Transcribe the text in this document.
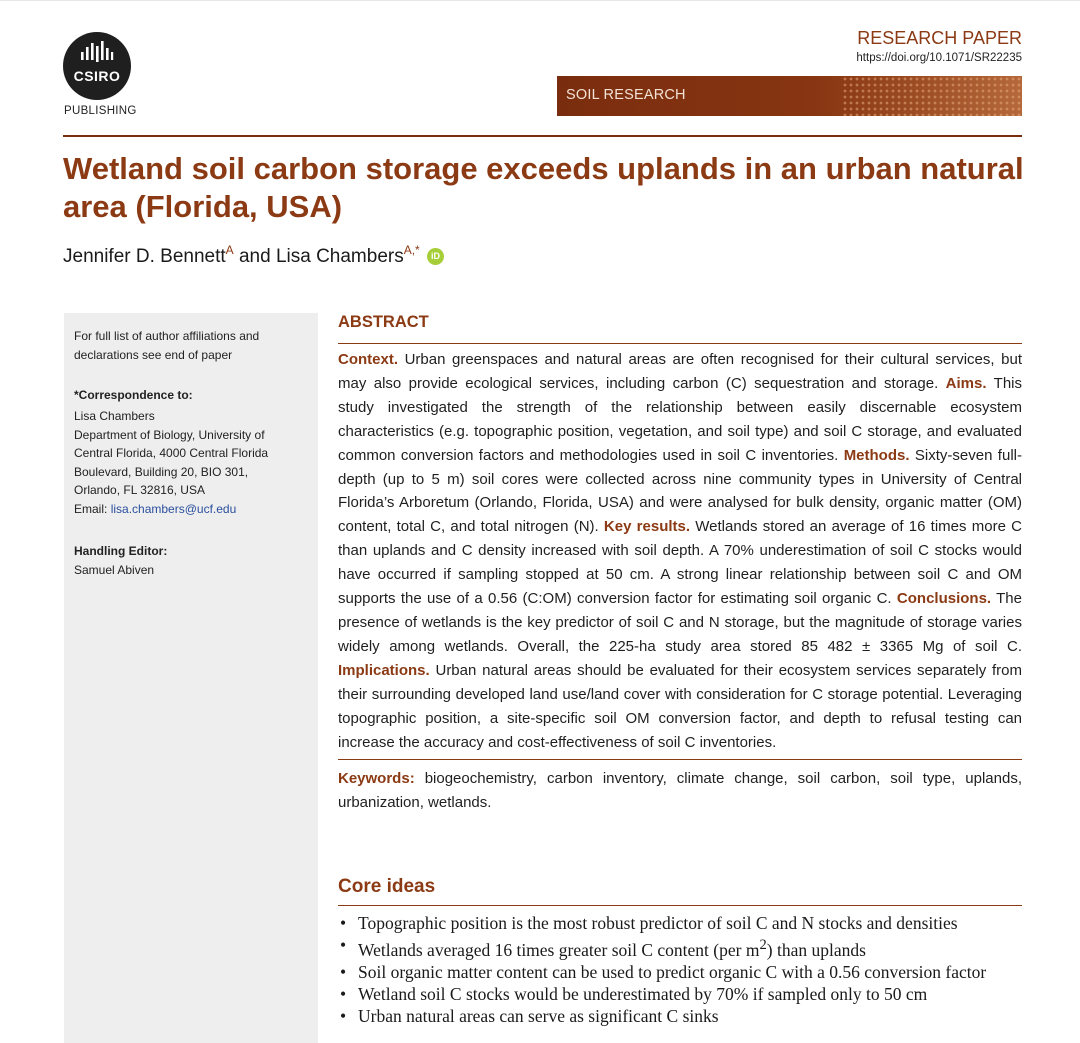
CSIRO
PUBLISHING
RESEARCH PAPER
https://doi.org/10.1071/SR22235
SOIL RESEARCH
Wetland soil carbon storage exceeds uplands in an urban natural area (Florida, USA)
Jennifer D. Bennett$^A$ and Lisa Chambers$^{A,*}$ iD
For full list of author affiliations and declarations see end of paper
*Correspondence to:
Lisa Chambers
Department of Biology, University of
Central Florida, 4000 Central Florida
Boulevard, Building 20, BIO 301,
Orlando, FL 32816, USA
Email: lisa.chambers@ucf.edu
Handling Editor:
Samuel Abiven
ABSTRACT
Context. Urban greenspaces and natural areas are often recognised for their cultural services, but may also provide ecological services, including carbon (C) sequestration and storage. Aims. This study investigated the strength of the relationship between easily discernable ecosystem characteristics (e.g. topographic position, vegetation, and soil type) and soil C storage, and evaluated common conversion factors and methodologies used in soil C inventories. Methods. Sixty-seven full-depth (up to 5 m) soil cores were collected across nine community types in University of Central Florida’s Arboretum (Orlando, Florida, USA) and were analysed for bulk density, organic matter (OM) content, total C, and total nitrogen (N). Key results. Wetlands stored an average of 16 times more C than uplands and C density increased with soil depth. A 70% underestimation of soil C stocks would have occurred if sampling stopped at 50 cm. A strong linear relationship between soil C and OM supports the use of a 0.56 (C:OM) conversion factor for estimating soil organic C. Conclusions. The presence of wetlands is the key predictor of soil C and N storage, but the magnitude of storage varies widely among wetlands. Overall, the 225-ha study area stored 85 482 ± 3365 Mg of soil C. Implications. Urban natural areas should be evaluated for their ecosystem services separately from their surrounding developed land use/land cover with consideration for C storage potential. Leveraging topographic position, a site-specific soil OM conversion factor, and depth to refusal testing can increase the accuracy and cost-effectiveness of soil C inventories.
Keywords: biogeochemistry, carbon inventory, climate change, soil carbon, soil type, uplands, urbanization, wetlands.
Core ideas
• Topographic position is the most robust predictor of soil C and N stocks and densities
• Wetlands averaged 16 times greater soil C content (per $m^2$) than uplands
• Soil organic matter content can be used to predict organic C with a 0.56 conversion factor
• Wetland soil C stocks would be underestimated by 70% if sampled only to 50 cm
• Urban natural areas can serve as significant C sinks
